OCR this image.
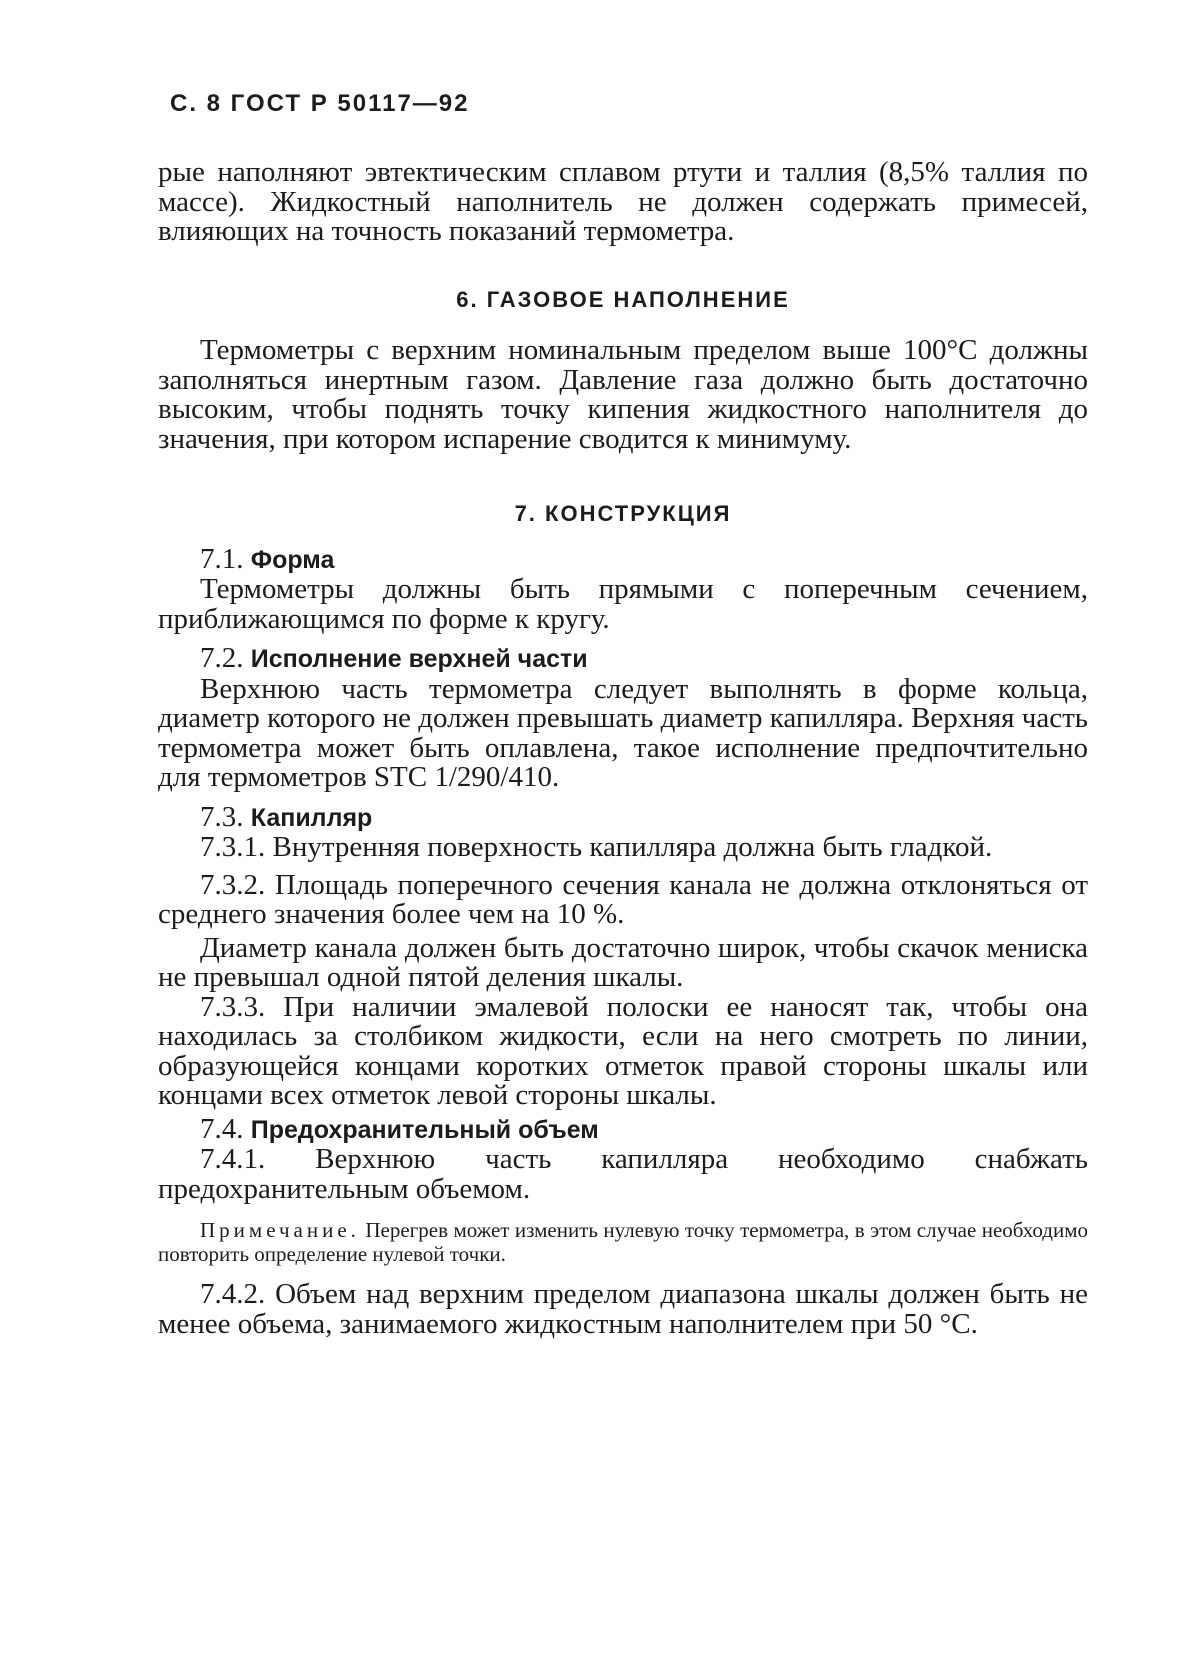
С. 8 ГОСТ Р 50117—92

рые наполняют эвтектическим сплавом ртути и таллия (8,5% таллия по массе). Жидкостный наполнитель не должен содержать примесей, влияющих на точность показаний термометра.

6. ГАЗОВОЕ НАПОЛНЕНИЕ

Термометры с верхним номинальным пределом выше 100°С должны заполняться инертным газом. Давление газа должно быть достаточно высоким, чтобы поднять точку кипения жидкостного наполнителя до значения, при котором испарение сводится к минимуму.

7. КОНСТРУКЦИЯ

7.1. Форма

Термометры должны быть прямыми с поперечным сечением, приближающимся по форме к кругу.

7.2. Исполнение верхней части

Верхнюю часть термометра следует выполнять в форме кольца, диаметр которого не должен превышать диаметр капилляра. Верхняя часть термометра может быть оплавлена, такое исполнение предпочтительно для термометров STC 1/290/410.

7.3. Капилляр

7.3.1. Внутренняя поверхность капилляра должна быть гладкой.

7.3.2. Площадь поперечного сечения канала не должна отклоняться от среднего значения более чем на 10 %.

Диаметр канала должен быть достаточно широк, чтобы скачок мениска не превышал одной пятой деления шкалы.

7.3.3. При наличии эмалевой полоски ее наносят так, чтобы она находилась за столбиком жидкости, если на него смотреть по линии, образующейся концами коротких отметок правой стороны шкалы или концами всех отметок левой стороны шкалы.

7.4. Предохранительный объем

7.4.1. Верхнюю часть капилляра необходимо снабжать предохранительным объемом.

Примечание. Перегрев может изменить нулевую точку термометра, в этом случае необходимо повторить определение нулевой точки.

7.4.2. Объем над верхним пределом диапазона шкалы должен быть не менее объема, занимаемого жидкостным наполнителем при 50 °С.
